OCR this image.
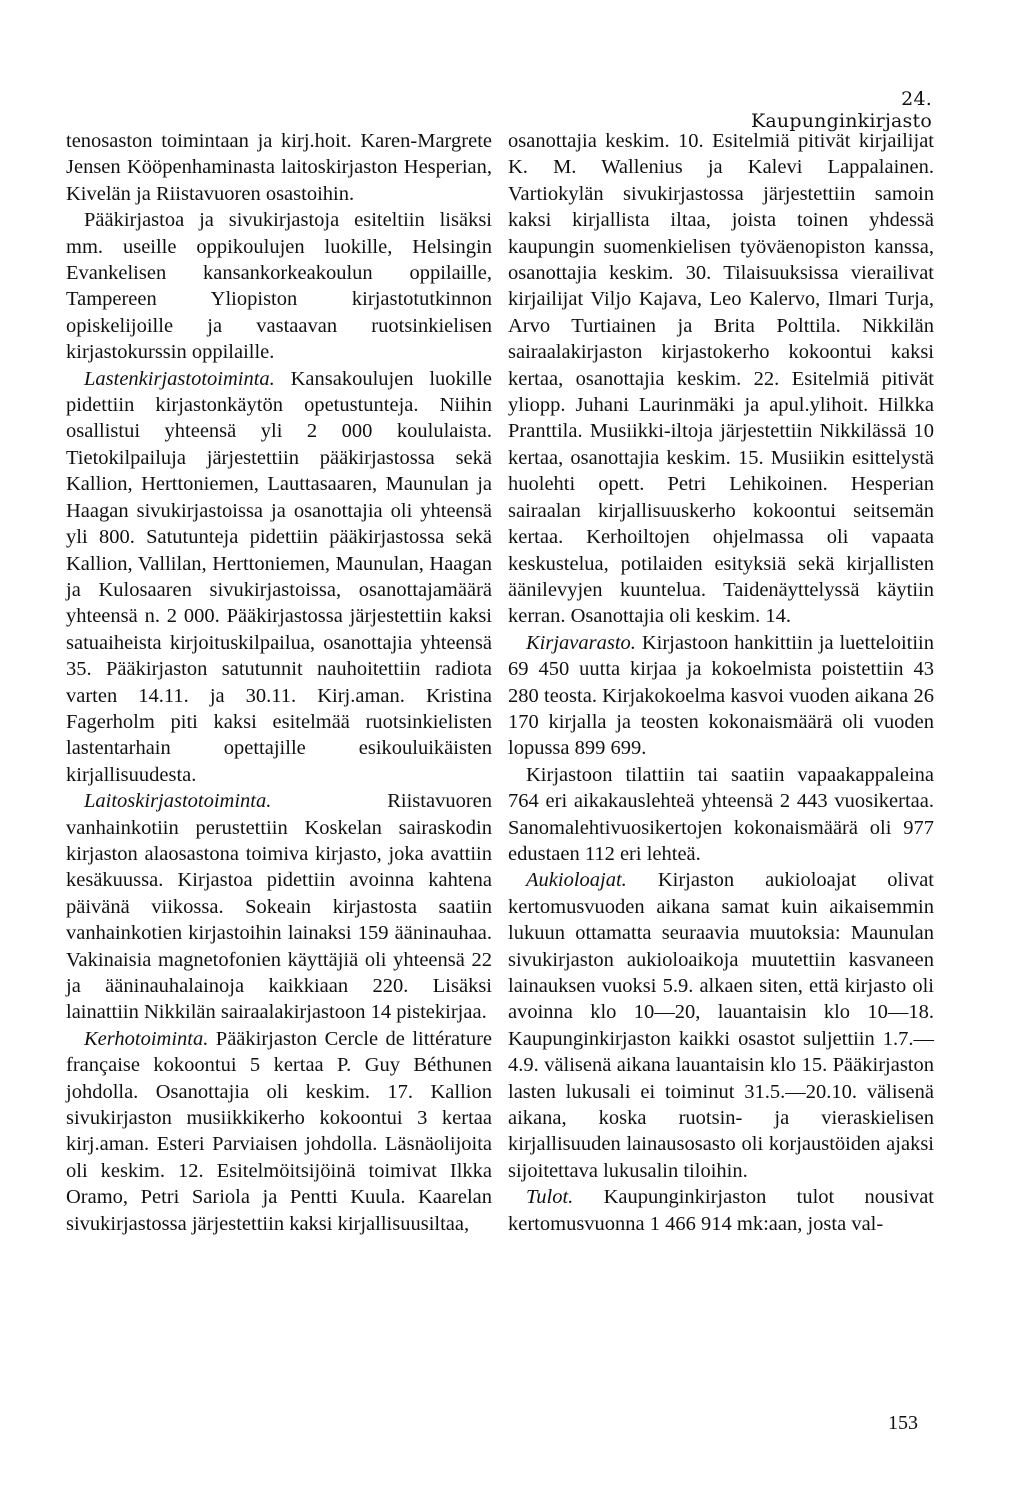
24. Kaupunginkirjasto

tenosaston toimintaan ja kirj.hoit. Karen-Margrete Jensen Kööpenhaminasta laitoskirjaston Hesperian, Kivelän ja Riistavuoren osastoihin.

Pääkirjastoa ja sivukirjastoja esiteltiin lisäksi mm. useille oppikoulujen luokille, Helsingin Evankelisen kansankorkeakoulun oppilaille, Tampereen Yliopiston kirjastotutkinnon opiskelijoille ja vastaavan ruotsinkielisen kirjastokurssin oppilaille.

Lastenkirjastotoiminta. Kansakoulujen luokille pidettiin kirjastonkäytön opetustunteja. Niihin osallistui yhteensä yli 2 000 koululaista. Tietokilpailuja järjestettiin pääkirjastossa sekä Kallion, Herttoniemen, Lauttasaaren, Maunulan ja Haagan sivukirjastoissa ja osanottajia oli yhteensä yli 800. Satutunteja pidettiin pääkirjastossa sekä Kallion, Vallilan, Herttoniemen, Maunulan, Haagan ja Kulosaaren sivukirjastoissa, osanottajamäärä yhteensä n. 2 000. Pääkirjastossa järjestettiin kaksi satuaiheista kirjoituskilpailua, osanottajia yhteensä 35. Pääkirjaston satutunnit nauhoitettiin radiota varten 14.11. ja 30.11. Kirj.aman. Kristina Fagerholm piti kaksi esitelmää ruotsinkielisten lastentarhain opettajille esikouluikäisten kirjallisuudesta.

Laitoskirjastotoiminta. Riistavuoren vanhainkotiin perustettiin Koskelan sairaskodin kirjaston alaosastona toimiva kirjasto, joka avattiin kesäkuussa. Kirjastoa pidettiin avoinna kahtena päivänä viikossa. Sokeain kirjastosta saatiin vanhainkotien kirjastoihin lainaksi 159 ääninauhaa. Vakinaisia magnetofonien käyttäjiä oli yhteensä 22 ja ääninauhalainoja kaikkiaan 220. Lisäksi lainattiin Nikkilän sairaalakirjastoon 14 pistekirjaa.

Kerhotoiminta. Pääkirjaston Cercle de littérature française kokoontui 5 kertaa P. Guy Béthunen johdolla. Osanottajia oli keskim. 17. Kallion sivukirjaston musiikkikerho kokoontui 3 kertaa kirj.aman. Esteri Parviaisen johdolla. Läsnäolijoita oli keskim. 12. Esitelmöitsijöinä toimivat Ilkka Oramo, Petri Sariola ja Pentti Kuula. Kaarelan sivukirjastossa järjestettiin kaksi kirjallisuusiltaa,

osanottajia keskim. 10. Esitelmiä pitivät kirjailijat K. M. Wallenius ja Kalevi Lappalainen. Vartiokylän sivukirjastossa järjestettiin samoin kaksi kirjallista iltaa, joista toinen yhdessä kaupungin suomenkielisen työväenopiston kanssa, osanottajia keskim. 30. Tilaisuuksissa vierailivat kirjailijat Viljo Kajava, Leo Kalervo, Ilmari Turja, Arvo Turtiainen ja Brita Polttila. Nikkilän sairaalakirjaston kirjastokerho kokoontui kaksi kertaa, osanottajia keskim. 22. Esitelmiä pitivät yliopp. Juhani Laurinmäki ja apul.ylihoit. Hilkka Pranttila. Musiikki-iltoja järjestettiin Nikkilässä 10 kertaa, osanottajia keskim. 15. Musiikin esittelystä huolehti opett. Petri Lehikoinen. Hesperian sairaalan kirjallisuuskerho kokoontui seitsemän kertaa. Kerhoiltojen ohjelmassa oli vapaata keskustelua, potilaiden esityksiä sekä kirjallisten äänilevyjen kuuntelua. Taidenäyttelyssä käytiin kerran. Osanottajia oli keskim. 14.

Kirjavarasto. Kirjastoon hankittiin ja luetteloitiin 69 450 uutta kirjaa ja kokoelmista poistettiin 43 280 teosta. Kirjakokoelma kasvoi vuoden aikana 26 170 kirjalla ja teosten kokonaismäärä oli vuoden lopussa 899 699.

Kirjastoon tilattiin tai saatiin vapaakappaleina 764 eri aikakauslehteä yhteensä 2 443 vuosikertaa. Sanomalehtivuosikertojen kokonaismäärä oli 977 edustaen 112 eri lehteä.

Aukioloajat. Kirjaston aukioloajat olivat kertomusvuoden aikana samat kuin aikaisemmin lukuun ottamatta seuraavia muutoksia: Maunulan sivukirjaston aukioloaikoja muutettiin kasvaneen lainauksen vuoksi 5.9. alkaen siten, että kirjasto oli avoinna klo 10—20, lauantaisin klo 10—18. Kaupunginkirjaston kaikki osastot suljettiin 1.7.—4.9. välisenä aikana lauantaisin klo 15. Pääkirjaston lasten lukusali ei toiminut 31.5.—20.10. välisenä aikana, koska ruotsin- ja vieraskielisen kirjallisuuden lainausosasto oli korjaustöiden ajaksi sijoitettava lukusalin tiloihin.

Tulot. Kaupunginkirjaston tulot nousivat kertomusvuonna 1 466 914 mk:aan, josta val-

153
